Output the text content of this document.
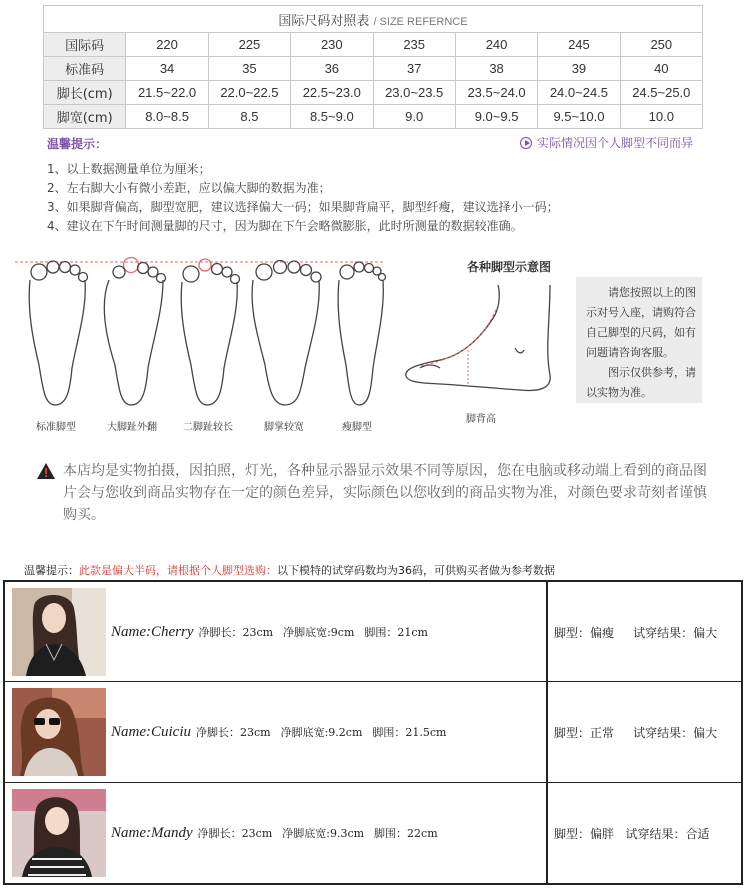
国际尺码对照表 / SIZE REFERNCE							
国际码	220	225	230	235	240	245	250
标准码	34	35	36	37	38	39	40
脚长(cm)	21.5~22.0	22.0~22.5	22.5~23.0	23.0~23.5	23.5~24.0	24.0~24.5	24.5~25.0
脚宽(cm)	8.0~8.5	8.5	8.5~9.0	9.0	9.0~9.5	9.5~10.0	10.0
温馨提示：	实际情况因个人脚型不同而异
1、以上数据测量单位为厘米；
2、左右脚大小有微小差距，应以偏大脚的数据为准；
3、如果脚背偏高，脚型宽肥，建议选择偏大一码；如果脚背扁平，脚型纤瘦，建议选择小一码；
4、建议在下午时间测量脚的尺寸，因为脚在下午会略微膨胀，此时所测量的数据较准确。
标准脚型	大脚趾外翻	二脚趾较长	脚掌较宽	瘦脚型
各种脚型示意图
脚背高

请您按照以上的图示对号入座，请购符合自己脚型的尺码，如有问题请咨询客服。

图示仅供参考，请以实物为准。

本店均是实物拍摄，因拍照，灯光，各种显示器显示效果不同等原因，您在电脑或移动端上看到的商品图片会与您收到商品实物存在一定的颜色差异，实际颜色以您收到的商品实物为准，对颜色要求苛刻者谨慎购买。
温馨提示：此款是偏大半码，请根据个人脚型选购：以下模特的试穿码数均为36码，可供购买者做为参考数据
Name:Cherry 净脚长：23cm 净脚底宽:9cm 脚围：21cm	脚型：偏瘦     试穿结果：偏大
Name:Cuiciu 净脚长：23cm 净脚底宽:9.2cm 脚围：21.5cm	脚型：正常     试穿结果：偏大
Name:Mandy 净脚长：23cm 净脚底宽:9.3cm 脚围：22cm	脚型：偏胖   试穿结果：合适
